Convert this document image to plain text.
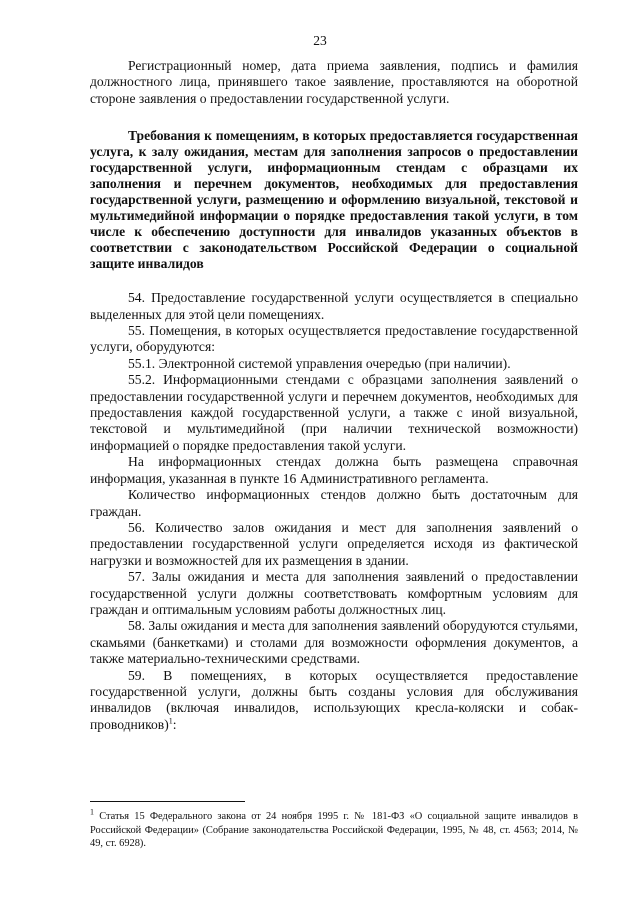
23

Регистрационный номер, дата приема заявления, подпись и фамилия должностного лица, принявшего такое заявление, проставляются на оборотной стороне заявления о предоставлении государственной услуги.

Требования к помещениям, в которых предоставляется государственная услуга, к залу ожидания, местам для заполнения запросов о предоставлении государственной услуги, информационным стендам с образцами их заполнения и перечнем документов, необходимых для предоставления государственной услуги, размещению и оформлению визуальной, текстовой и мультимедийной информации о порядке предоставления такой услуги, в том числе к обеспечению доступности для инвалидов указанных объектов в соответствии с законодательством Российской Федерации о социальной защите инвалидов

54. Предоставление государственной услуги осуществляется в специально выделенных для этой цели помещениях.

55. Помещения, в которых осуществляется предоставление государственной услуги, оборудуются:

55.1. Электронной системой управления очередью (при наличии).

55.2. Информационными стендами с образцами заполнения заявлений о предоставлении государственной услуги и перечнем документов, необходимых для предоставления каждой государственной услуги, а также с иной визуальной, текстовой и мультимедийной (при наличии технической возможности) информацией о порядке предоставления такой услуги.

На информационных стендах должна быть размещена справочная информация, указанная в пункте 16 Административного регламента.

Количество информационных стендов должно быть достаточным для граждан.

56. Количество залов ожидания и мест для заполнения заявлений о предоставлении государственной услуги определяется исходя из фактической нагрузки и возможностей для их размещения в здании.

57. Залы ожидания и места для заполнения заявлений о предоставлении государственной услуги должны соответствовать комфортным условиям для граждан и оптимальным условиям работы должностных лиц.

58. Залы ожидания и места для заполнения заявлений оборудуются стульями, скамьями (банкетками) и столами для возможности оформления документов, а также материально-техническими средствами.

59. В помещениях, в которых осуществляется предоставление государственной услуги, должны быть созданы условия для обслуживания инвалидов (включая инвалидов, использующих кресла-коляски и собак-проводников)$^1$:

$^1$ Статья 15 Федерального закона от 24 ноября 1995 г. № 181-ФЗ «О социальной защите инвалидов в Российской Федерации» (Собрание законодательства Российской Федерации, 1995, № 48, ст. 4563; 2014, № 49, ст. 6928).
